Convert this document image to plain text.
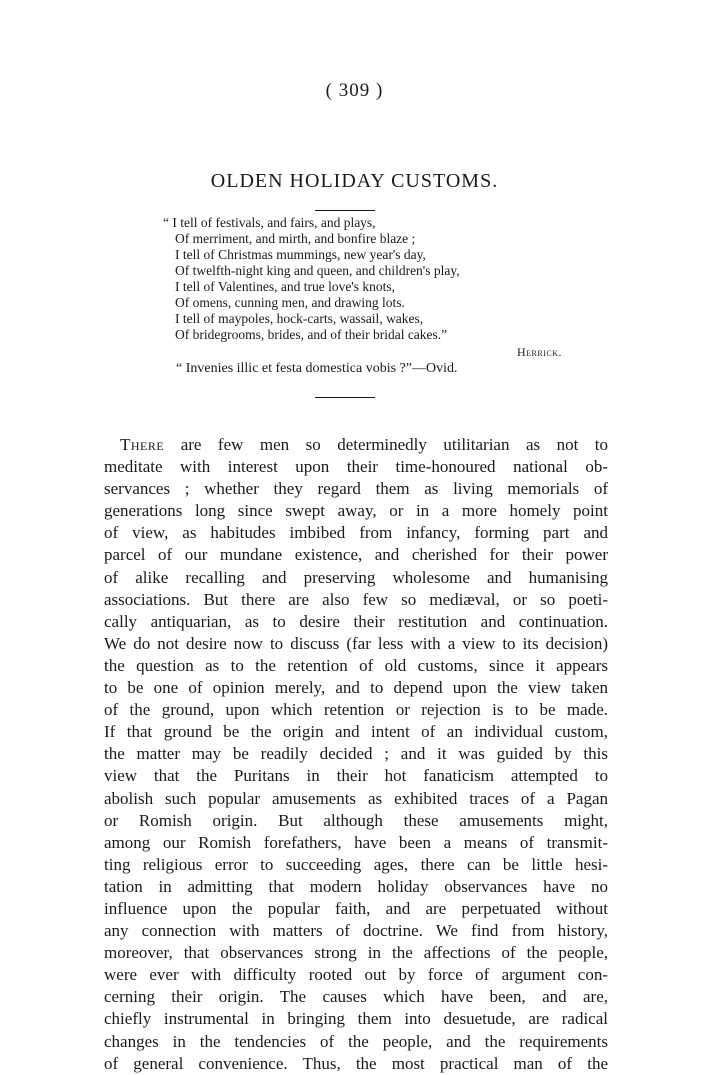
( 309 )
OLDEN HOLIDAY CUSTOMS.
“ I tell of festivals, and fairs, and plays,
Of merriment, and mirth, and bonfire blaze ;
I tell of Christmas mummings, new year's day,
Of twelfth-night king and queen, and children's play,
I tell of Valentines, and true love's knots,
Of omens, cunning men, and drawing lots.
I tell of maypoles, hock-carts, wassail, wakes,
Of bridegrooms, brides, and of their bridal cakes.”
Herrick.
“ Invenies illic et festa domestica vobis ?”—Ovid.
There are few men so determinedly utilitarian as not to
meditate with interest upon their time-honoured national ob-
servances ; whether they regard them as living memorials of
generations long since swept away, or in a more homely point
of view, as habitudes imbibed from infancy, forming part and
parcel of our mundane existence, and cherished for their power
of alike recalling and preserving wholesome and humanising
associations. But there are also few so mediæval, or so poeti-
cally antiquarian, as to desire their restitution and continuation.
We do not desire now to discuss (far less with a view to its decision)
the question as to the retention of old customs, since it appears
to be one of opinion merely, and to depend upon the view taken
of the ground, upon which retention or rejection is to be made.
If that ground be the origin and intent of an individual custom,
the matter may be readily decided ; and it was guided by this
view that the Puritans in their hot fanaticism attempted to
abolish such popular amusements as exhibited traces of a Pagan
or Romish origin. But although these amusements might,
among our Romish forefathers, have been a means of transmit-
ting religious error to succeeding ages, there can be little hesi-
tation in admitting that modern holiday observances have no
influence upon the popular faith, and are perpetuated without
any connection with matters of doctrine. We find from history,
moreover, that observances strong in the affections of the people,
were ever with difficulty rooted out by force of argument con-
cerning their origin. The causes which have been, and are,
chiefly instrumental in bringing them into desuetude, are radical
changes in the tendencies of the people, and the requirements
of general convenience. Thus, the most practical man of the
